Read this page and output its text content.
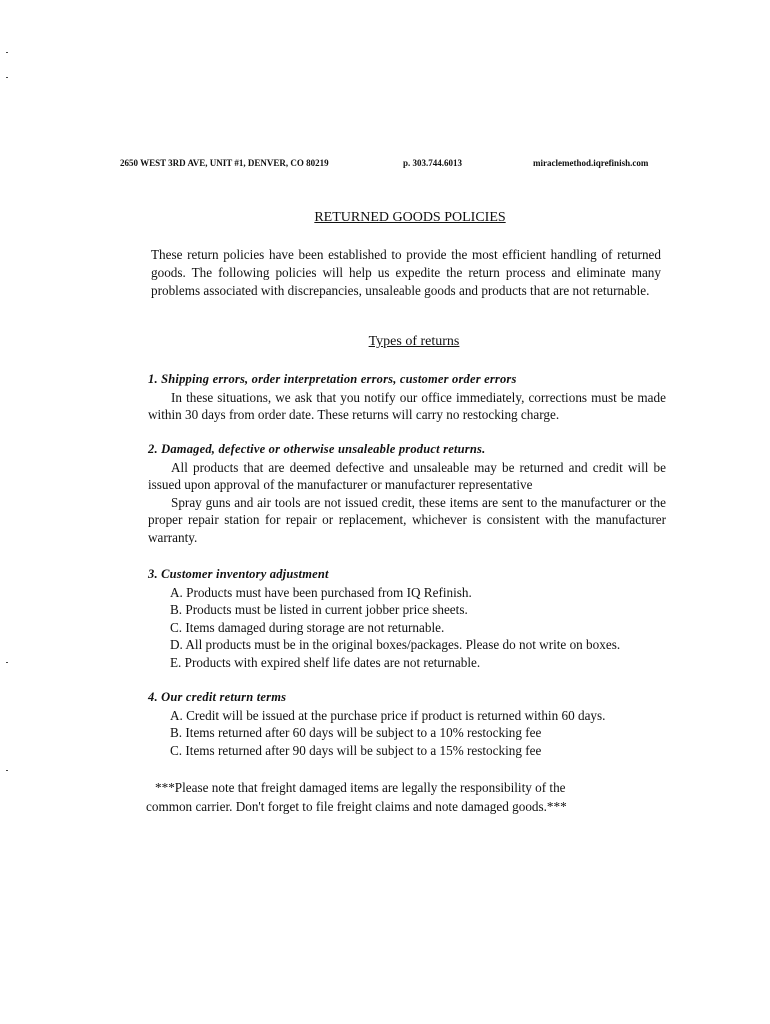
2650 WEST 3RD AVE, UNIT #1, DENVER, CO 80219	p. 303.744.6013	miraclemethod.iqrefinish.com
RETURNED GOODS POLICIES
These return policies have been established to provide the most efficient handling of returned goods. The following policies will help us expedite the return process and eliminate many problems associated with discrepancies, unsaleable goods and products that are not returnable.
Types of returns
1. Shipping errors, order interpretation errors, customer order errors
In these situations, we ask that you notify our office immediately, corrections must be made within 30 days from order date. These returns will carry no restocking charge.
2. Damaged, defective or otherwise unsaleable product returns.
All products that are deemed defective and unsaleable may be returned and credit will be issued upon approval of the manufacturer or manufacturer representative
Spray guns and air tools are not issued credit, these items are sent to the manufacturer or the proper repair station for repair or replacement, whichever is consistent with the manufacturer warranty.
3. Customer inventory adjustment
A. Products must have been purchased from IQ Refinish.
B. Products must be listed in current jobber price sheets.
C. Items damaged during storage are not returnable.
D. All products must be in the original boxes/packages. Please do not write on boxes.
E. Products with expired shelf life dates are not returnable.
4. Our credit return terms
A. Credit will be issued at the purchase price if product is returned within 60 days.
B. Items returned after 60 days will be subject to a 10% restocking fee
C. Items returned after 90 days will be subject to a 15% restocking fee
***Please note that freight damaged items are legally the responsibility of the
common carrier. Don't forget to file freight claims and note damaged goods.***
